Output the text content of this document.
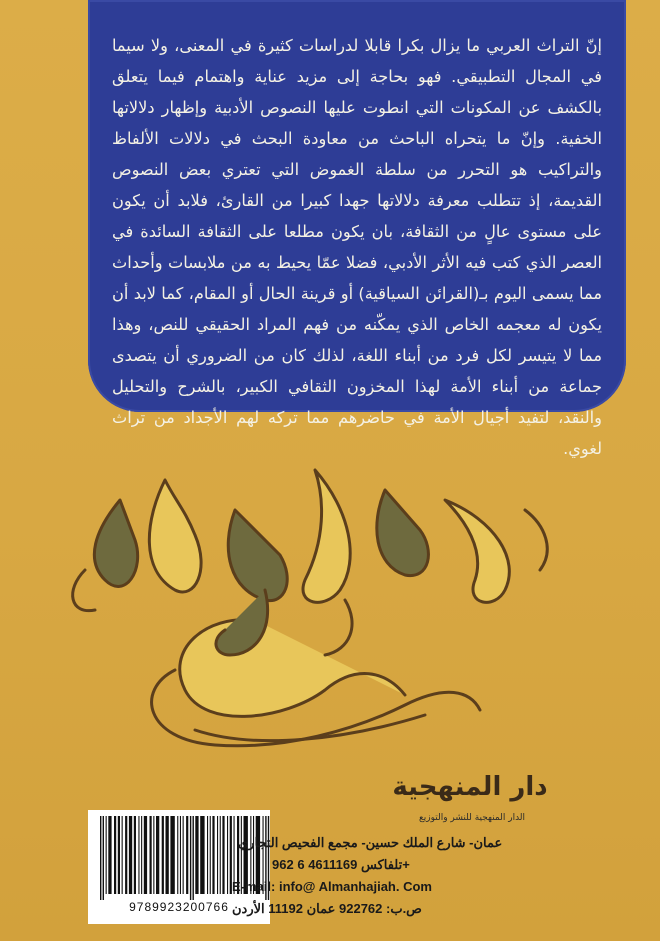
إنّ التراث العربي ما يزال بكرا قابلا لدراسات كثيرة في المعنى، ولا سيما في المجال التطبيقي. فهو بحاجة إلى مزيد عناية واهتمام فيما يتعلق بالكشف عن المكونات التي انطوت عليها النصوص الأدبية وإظهار دلالاتها الخفية. وإنّ ما يتحراه الباحث من معاودة البحث في دلالات الألفاظ والتراكيب هو التحرر من سلطة الغموض التي تعتري بعض النصوص القديمة، إذ تتطلب معرفة دلالاتها جهدا كبيرا من القارئ، فلابد أن يكون على مستوى عالٍ من الثقافة، بان يكون مطلعا على الثقافة السائدة في العصر الذي كتب فيه الأثر الأدبي، فضلا عمّا يحيط به من ملابسات وأحداث مما يسمى اليوم بـ(القرائن السياقية) أو قرينة الحال أو المقام، كما لابد أن يكون له معجمه الخاص الذي يمكّنه من فهم المراد الحقيقي للنص، وهذا مما لا يتيسر لكل فرد من أبناء اللغة، لذلك كان من الضروري أن يتصدى جماعة من أبناء الأمة لهذا المخزون الثقافي الكبير، بالشرح والتحليل والنقد، لتفيد أجيال الأمة في حاضرهم مما تركه لهم الأجداد من تراث لغوي.
دار المنهجية
الدار المنهجية للنشر والتوزيع
9789923200766
عمان- شارع الملك حسين- مجمع الفحيص التجاري
تلفاكس 4611169 6 962+
E-mail: info@ Almanhajiah. Com
ص.ب: 922762 عمان 11192 الأردن
